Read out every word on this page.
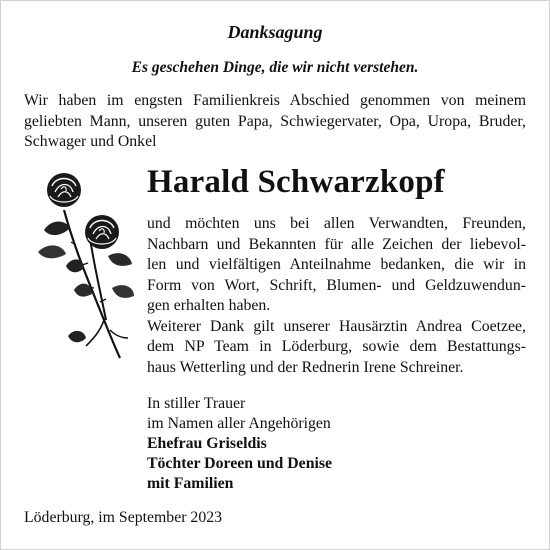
Danksagung
Es geschehen Dinge, die wir nicht verstehen.
Wir haben im engsten Familienkreis Abschied genommen von meinem geliebten Mann, unseren guten Papa, Schwiegervater, Opa, Uropa, Bruder, Schwager und Onkel
Harald Schwarzkopf
und möchten uns bei allen Verwandten, Freunden,
Nachbarn und Bekannten für alle Zeichen der liebevol-
len und vielfältigen Anteilnahme bedanken, die wir in
Form von Wort, Schrift, Blumen- und Geldzuwendun-
gen erhalten haben.
Weiterer Dank gilt unserer Hausärztin Andrea Coetzee,
dem NP Team in Löderburg, sowie dem Bestattungs-
haus Wetterling und der Rednerin Irene Schreiner.
In stiller Trauer
im Namen aller Angehörigen
Ehefrau Griseldis
Töchter Doreen und Denise
mit Familien
Löderburg, im September 2023
